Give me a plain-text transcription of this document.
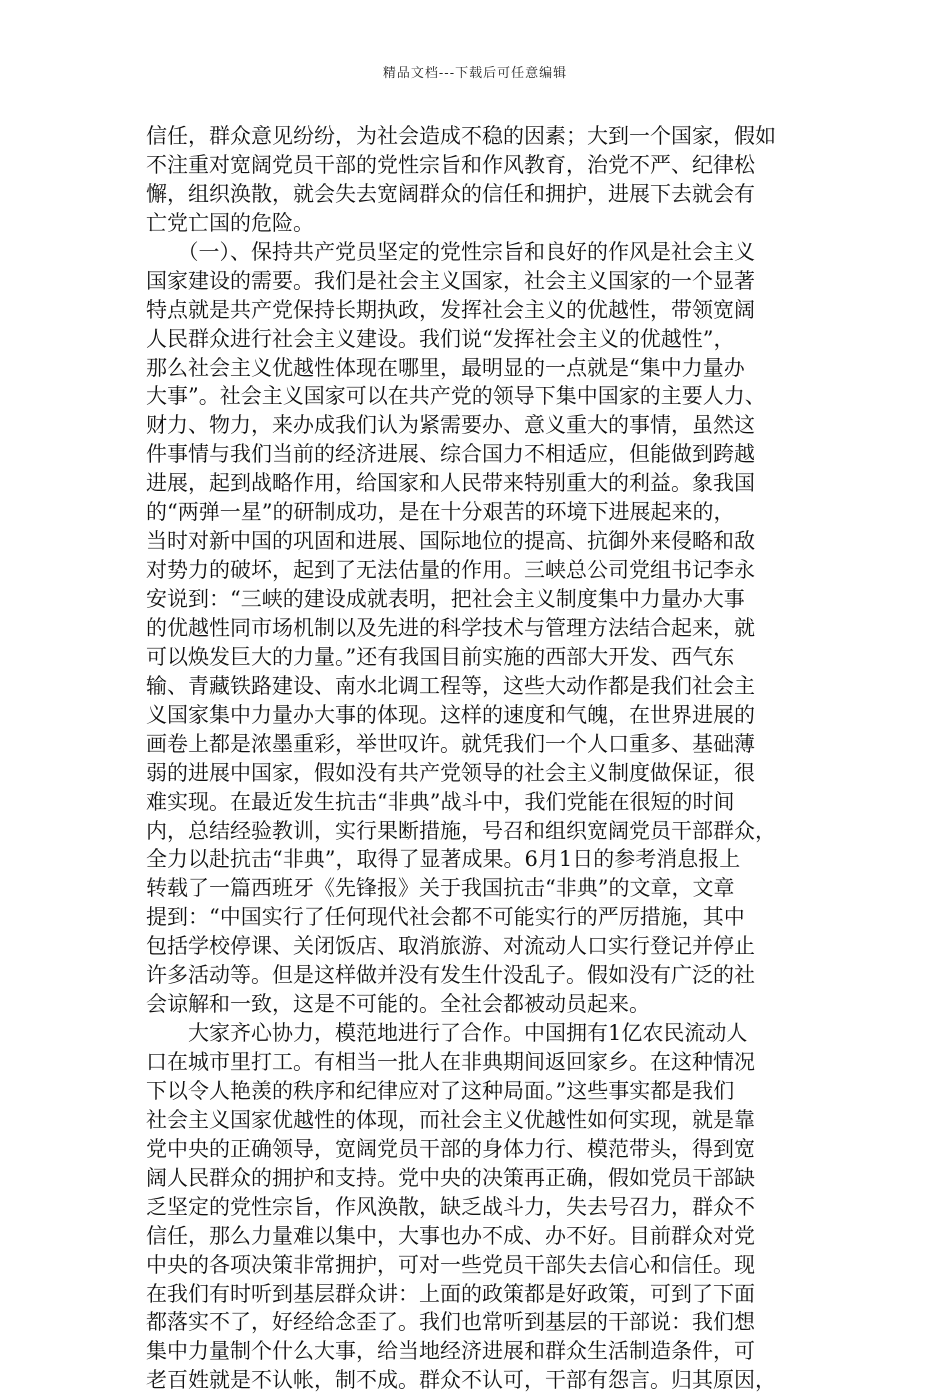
精品文档---下载后可任意编辑
信任，群众意见纷纷，为社会造成不稳的因素；大到一个国家，假如
不注重对宽阔党员干部的党性宗旨和作风教育，治党不严、纪律松
懈，组织涣散，就会失去宽阔群众的信任和拥护，进展下去就会有
亡党亡国的危险。
　　（一）、保持共产党员坚定的党性宗旨和良好的作风是社会主义
国家建设的需要。我们是社会主义国家，社会主义国家的一个显著
特点就是共产党保持长期执政，发挥社会主义的优越性，带领宽阔
人民群众进行社会主义建设。我们说“发挥社会主义的优越性”，
那么社会主义优越性体现在哪里，最明显的一点就是“集中力量办
大事”。社会主义国家可以在共产党的领导下集中国家的主要人力、
财力、物力，来办成我们认为紧需要办、意义重大的事情，虽然这
件事情与我们当前的经济进展、综合国力不相适应，但能做到跨越
进展，起到战略作用，给国家和人民带来特别重大的利益。象我国
的“两弹一星”的研制成功，是在十分艰苦的环境下进展起来的，
当时对新中国的巩固和进展、国际地位的提高、抗御外来侵略和敌
对势力的破坏，起到了无法估量的作用。三峡总公司党组书记李永
安说到：“三峡的建设成就表明，把社会主义制度集中力量办大事
的优越性同市场机制以及先进的科学技术与管理方法结合起来，就
可以焕发巨大的力量。”还有我国目前实施的西部大开发、西气东
输、青藏铁路建设、南水北调工程等，这些大动作都是我们社会主
义国家集中力量办大事的体现。这样的速度和气魄，在世界进展的
画卷上都是浓墨重彩，举世叹许。就凭我们一个人口重多、基础薄
弱的进展中国家，假如没有共产党领导的社会主义制度做保证，很
难实现。在最近发生抗击“非典”战斗中，我们党能在很短的时间
内，总结经验教训，实行果断措施，号召和组织宽阔党员干部群众，
全力以赴抗击“非典”，取得了显著成果。6月1日的参考消息报上
转载了一篇西班牙《先锋报》关于我国抗击“非典”的文章，文章
提到：“中国实行了任何现代社会都不可能实行的严厉措施，其中
包括学校停课、关闭饭店、取消旅游、对流动人口实行登记并停止
许多活动等。但是这样做并没有发生什没乱子。假如没有广泛的社
会谅解和一致，这是不可能的。全社会都被动员起来。
　　大家齐心协力，模范地进行了合作。中国拥有1亿农民流动人
口在城市里打工。有相当一批人在非典期间返回家乡。在这种情况
下以令人艳羡的秩序和纪律应对了这种局面。”这些事实都是我们
社会主义国家优越性的体现，而社会主义优越性如何实现，就是靠
党中央的正确领导，宽阔党员干部的身体力行、模范带头，得到宽
阔人民群众的拥护和支持。党中央的决策再正确，假如党员干部缺
乏坚定的党性宗旨，作风涣散，缺乏战斗力，失去号召力，群众不
信任，那么力量难以集中，大事也办不成、办不好。目前群众对党
中央的各项决策非常拥护，可对一些党员干部失去信心和信任。现
在我们有时听到基层群众讲：上面的政策都是好政策，可到了下面
都落实不了，好经给念歪了。我们也常听到基层的干部说：我们想
集中力量制个什么大事，给当地经济进展和群众生活制造条件，可
老百姓就是不认帐，制不成。群众不认可，干部有怨言。归其原因，
